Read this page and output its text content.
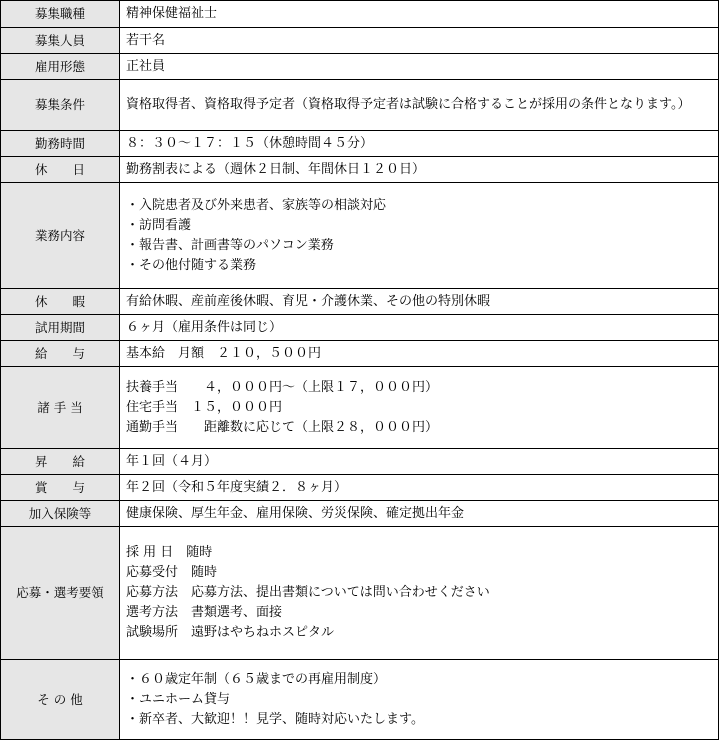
募集職種	精神保健福祉士

募集人員	若干名

雇用形態	正社員

募集条件	資格取得者、資格取得予定者（資格取得予定者は試験に合格することが採用の条件となります。）

勤務時間	８：３０～１７：１５（休憩時間４５分）

休　　日	勤務割表による（週休２日制、年間休日１２０日）

業務内容	・入院患者及び外来患者、家族等の相談対応
・訪問看護
・報告書、計画書等のパソコン業務
・その他付随する業務

休　　暇	有給休暇、産前産後休暇、育児・介護休業、その他の特別休暇

試用期間	６ヶ月（雇用条件は同じ）

給　　与	基本給　月額　２１０，５００円

諸 手 当	扶養手当　　４，０００円～（上限１７，０００円）
住宅手当　１５，０００円
通勤手当　　距離数に応じて（上限２８，０００円）

昇　　給	年１回（４月）

賞　　与	年２回（令和５年度実績２．８ヶ月）

加入保険等	健康保険、厚生年金、雇用保険、労災保険、確定拠出年金

応募・選考要領	採 用 日　随時
応募受付　随時
応募方法　応募方法、提出書類については問い合わせください
選考方法　書類選考、面接
試験場所　遠野はやちねホスピタル

そ の 他	・６０歳定年制（６５歳までの再雇用制度）
・ユニホーム貸与
・新卒者、大歓迎！！見学、随時対応いたします。
